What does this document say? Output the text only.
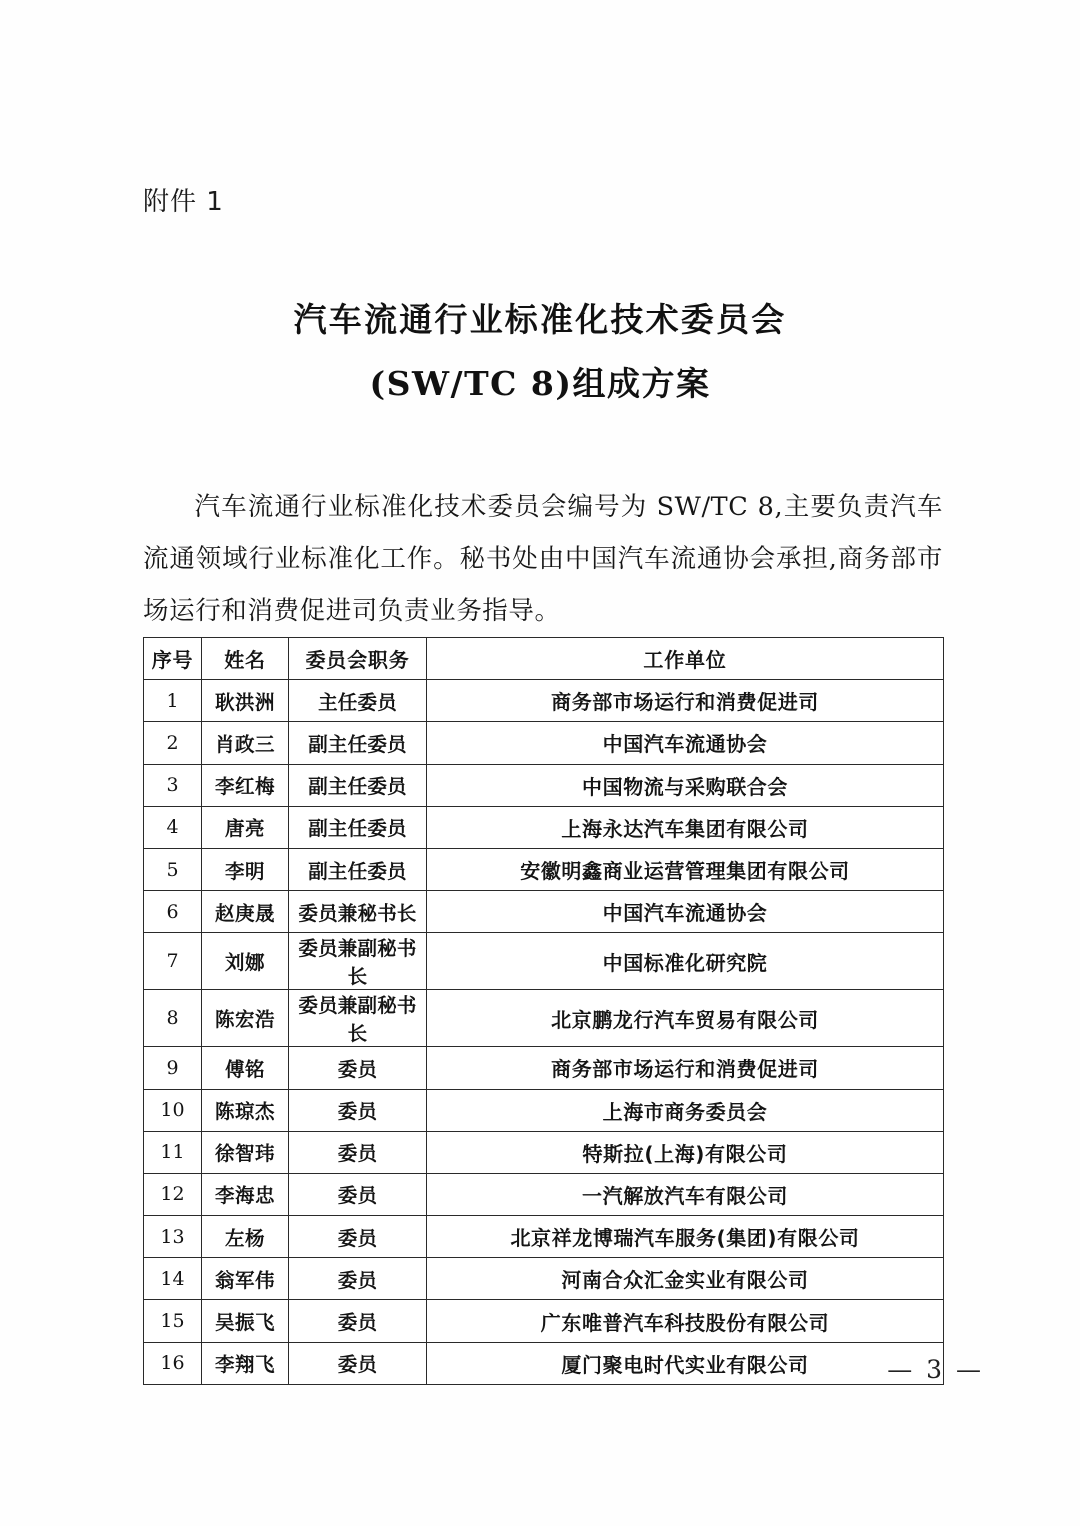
附件 1
汽车流通行业标准化技术委员会
(SW/TC 8)组成方案

汽车流通行业标准化技术委员会编号为 SW/TC 8,主要负责汽车流通领域行业标准化工作。秘书处由中国汽车流通协会承担,商务部市场运行和消费促进司负责业务指导。

序号	姓名	委员会职务	工作单位
1	耿洪洲	主任委员	商务部市场运行和消费促进司
2	肖政三	副主任委员	中国汽车流通协会
3	李红梅	副主任委员	中国物流与采购联合会
4	唐亮	副主任委员	上海永达汽车集团有限公司
5	李明	副主任委员	安徽明鑫商业运营管理集团有限公司
6	赵庚晟	委员兼秘书长	中国汽车流通协会
7	刘娜	委员兼副秘书长	中国标准化研究院
8	陈宏浩	委员兼副秘书长	北京鹏龙行汽车贸易有限公司
9	傅铭	委员	商务部市场运行和消费促进司
10	陈琼杰	委员	上海市商务委员会
11	徐智玮	委员	特斯拉(上海)有限公司
12	李海忠	委员	一汽解放汽车有限公司
13	左杨	委员	北京祥龙博瑞汽车服务(集团)有限公司
14	翁军伟	委员	河南合众汇金实业有限公司
15	吴振飞	委员	广东唯普汽车科技股份有限公司
16	李翔飞	委员	厦门聚电时代实业有限公司	— 3 —
